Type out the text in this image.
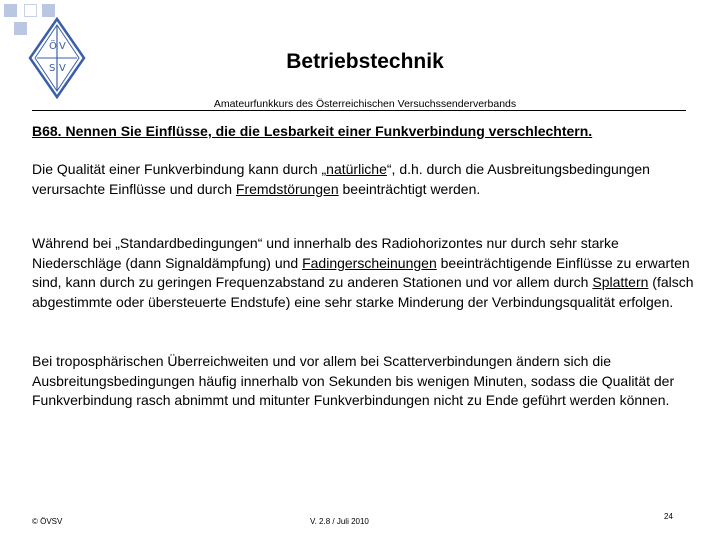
ÖVSV
Ö V
S V	Betriebstechnik
Amateurfunkkurs des Österreichischen Versuchssenderverbands
B68. Nennen Sie Einflüsse, die die Lesbarkeit einer Funkverbindung verschlechtern.
Die Qualität einer Funkverbindung kann durch „natürliche“, d.h. durch die Ausbreitungsbedingungen verursachte Einflüsse und durch Fremdstörungen beeinträchtigt werden.
Während bei „Standardbedingungen“ und innerhalb des Radiohorizontes nur durch sehr starke Niederschläge (dann Signaldämpfung) und Fadingerscheinungen beeinträchtigende Einflüsse zu erwarten sind, kann durch zu geringen Frequenzabstand zu anderen Stationen und vor allem durch Splattern (falsch abgestimmte oder übersteuerte Endstufe) eine sehr starke Minderung der Verbindungsqualität erfolgen.
Bei troposphärischen Überreichweiten und vor allem bei Scatterverbindungen ändern sich die Ausbreitungsbedingungen häufig innerhalb von Sekunden bis wenigen Minuten, sodass die Qualität der Funkverbindung rasch abnimmt und mitunter Funkverbindungen nicht zu Ende geführt werden können.
© ÖVSV	V. 2.8 / Juli 2010
24
